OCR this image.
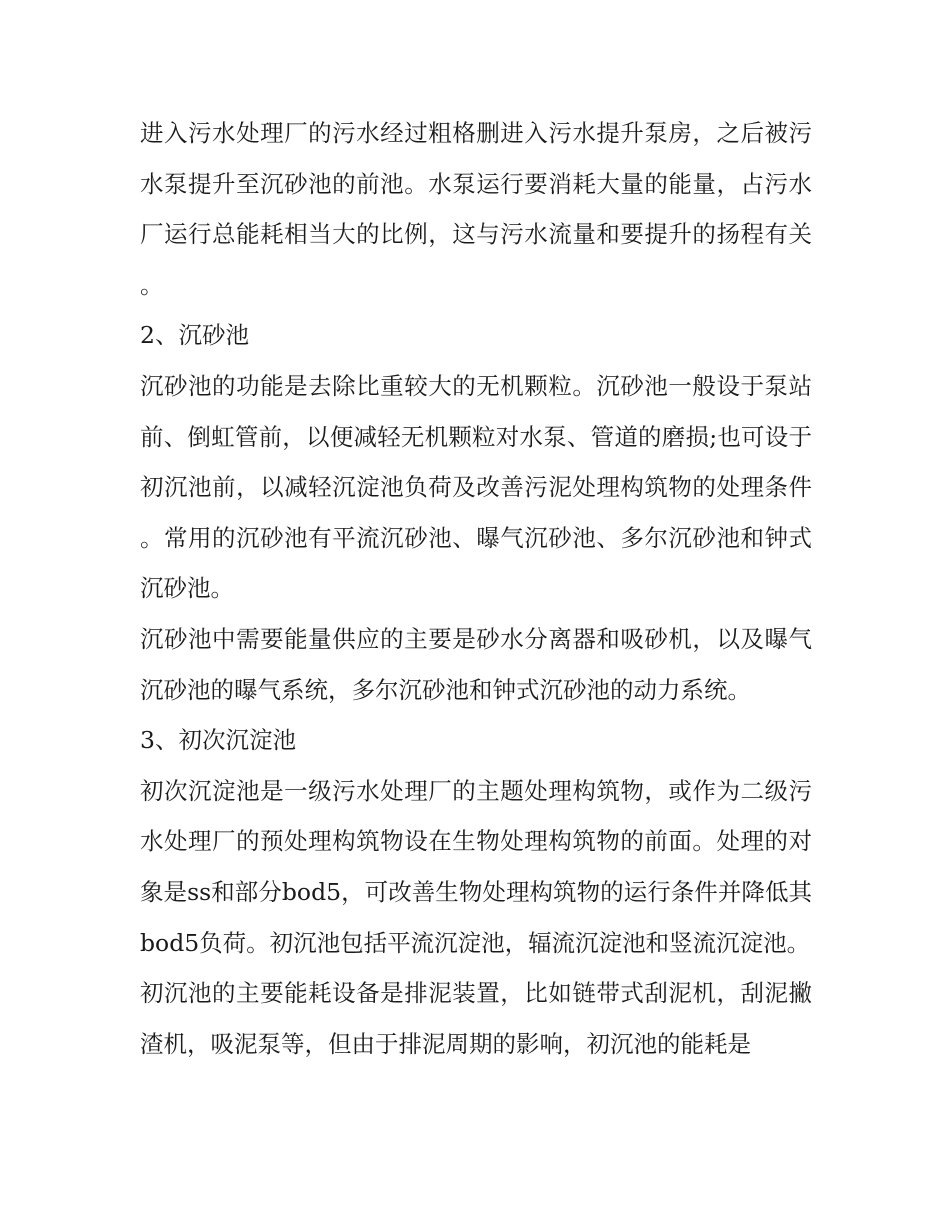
进入污水处理厂的污水经过粗格删进入污水提升泵房，之后被污水泵提升至沉砂池的前池。水泵运行要消耗大量的能量，占污水厂运行总能耗相当大的比例，这与污水流量和要提升的扬程有关。

2、沉砂池

沉砂池的功能是去除比重较大的无机颗粒。沉砂池一般设于泵站前、倒虹管前，以便减轻无机颗粒对水泵、管道的磨损;也可设于初沉池前，以减轻沉淀池负荷及改善污泥处理构筑物的处理条件。常用的沉砂池有平流沉砂池、曝气沉砂池、多尔沉砂池和钟式沉砂池。

沉砂池中需要能量供应的主要是砂水分离器和吸砂机，以及曝气沉砂池的曝气系统，多尔沉砂池和钟式沉砂池的动力系统。

3、初次沉淀池

初次沉淀池是一级污水处理厂的主题处理构筑物，或作为二级污水处理厂的预处理构筑物设在生物处理构筑物的前面。处理的对象是ss和部分bod5，可改善生物处理构筑物的运行条件并降低其bod5负荷。初沉池包括平流沉淀池，辐流沉淀池和竖流沉淀池。

初沉池的主要能耗设备是排泥装置，比如链带式刮泥机，刮泥撇渣机，吸泥泵等，但由于排泥周期的影响，初沉池的能耗是
